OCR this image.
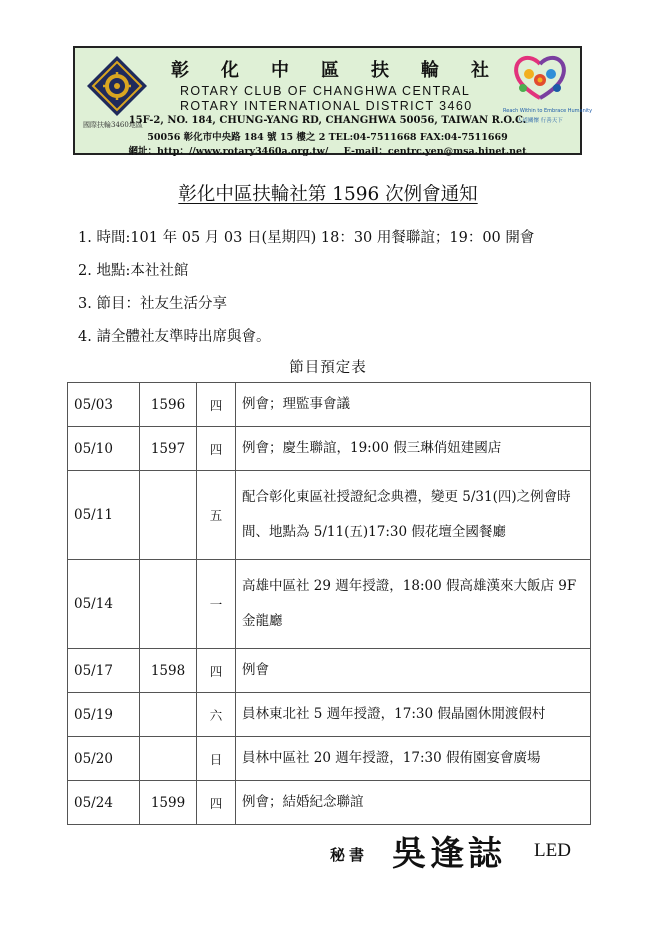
國際扶輪3460地區
彰化中區扶輪社
ROTARY CLUB OF CHANGHWA CENTRAL
ROTARY INTERNATIONAL DISTRICT 3460	Reach Within to Embrace Humanity
人道關懷 行善天下
15F-2, NO. 184, CHUNG-YANG RD, CHANGHWA 50056, TAIWAN R.O.C.
50056 彰化市中央路 184 號 15 樓之 2 TEL:04-7511668 FAX:04-7511669
網址：http：//www.rotary3460a.org.tw/ E-mail：centrc.yen@msa.hinet.net
彰化中區扶輪社第 1596 次例會通知
1. 時間:101 年 05 月 03 日(星期四) 18：30 用餐聯誼；19：00 開會
2. 地點:本社社館
3. 節目：社友生活分享
4. 請全體社友準時出席與會。
節目預定表
05/03	1596	四	例會；理監事會議
05/10	1597	四	例會；慶生聯誼，19:00 假三琳俏妞建國店
05/11		五	配合彰化東區社授證紀念典禮，變更 5/31(四)之例會時間、地點為 5/11(五)17:30 假花壇全國餐廳
05/14		一	高雄中區社 29 週年授證，18:00 假高雄漢來大飯店 9F 金龍廳
05/17	1598	四	例會
05/19		六	員林東北社 5 週年授證，17:30 假晶園休閒渡假村
05/20		日	員林中區社 20 週年授證，17:30 假侑園宴會廣場
05/24	1599	四	例會；結婚紀念聯誼
秘書 吳逢誌 LED
